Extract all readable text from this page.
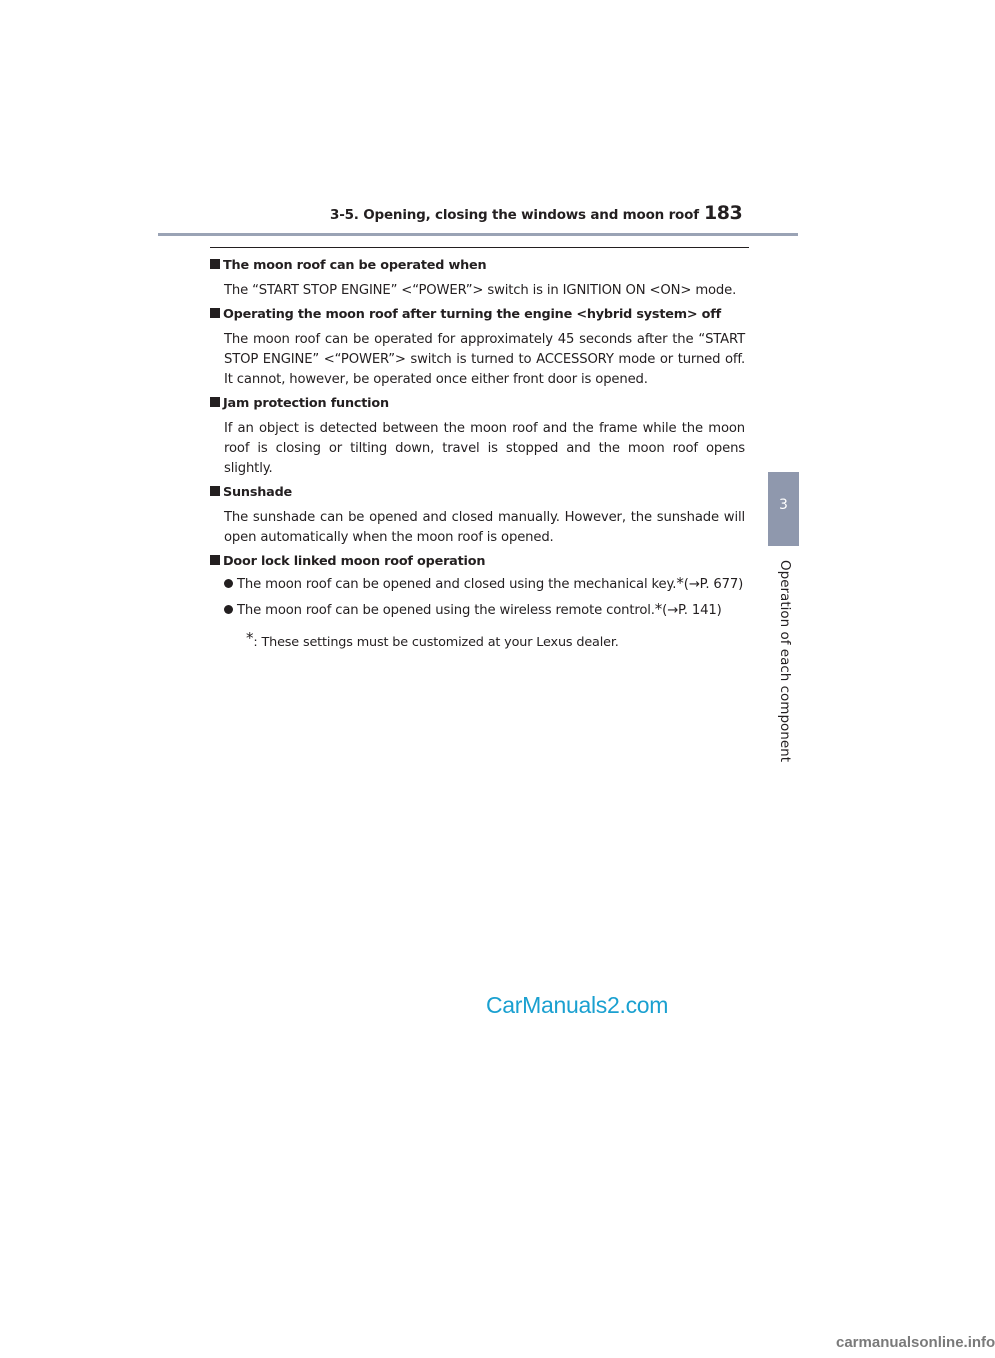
3-5. Opening, closing the windows and moon roof 183
3
Operation of each component
The moon roof can be operated when
The “START STOP ENGINE” <“POWER”> switch is in IGNITION ON <ON> mode.
Operating the moon roof after turning the engine <hybrid system> off
The moon roof can be operated for approximately 45 seconds after the “START STOP ENGINE” <“POWER”> switch is turned to ACCESSORY mode or turned off. It cannot, however, be operated once either front door is opened.
Jam protection function
If an object is detected between the moon roof and the frame while the moon roof is closing or tilting down, travel is stopped and the moon roof opens slightly.
Sunshade
The sunshade can be opened and closed manually. However, the sunshade will open automatically when the moon roof is opened.
Door lock linked moon roof operation
The moon roof can be opened and closed using the mechanical key. * (→P. 677)
The moon roof can be opened using the wireless remote control. * (→P. 141)
*: These settings must be customized at your Lexus dealer.
CarManuals2.com
carmanualsonline.info
